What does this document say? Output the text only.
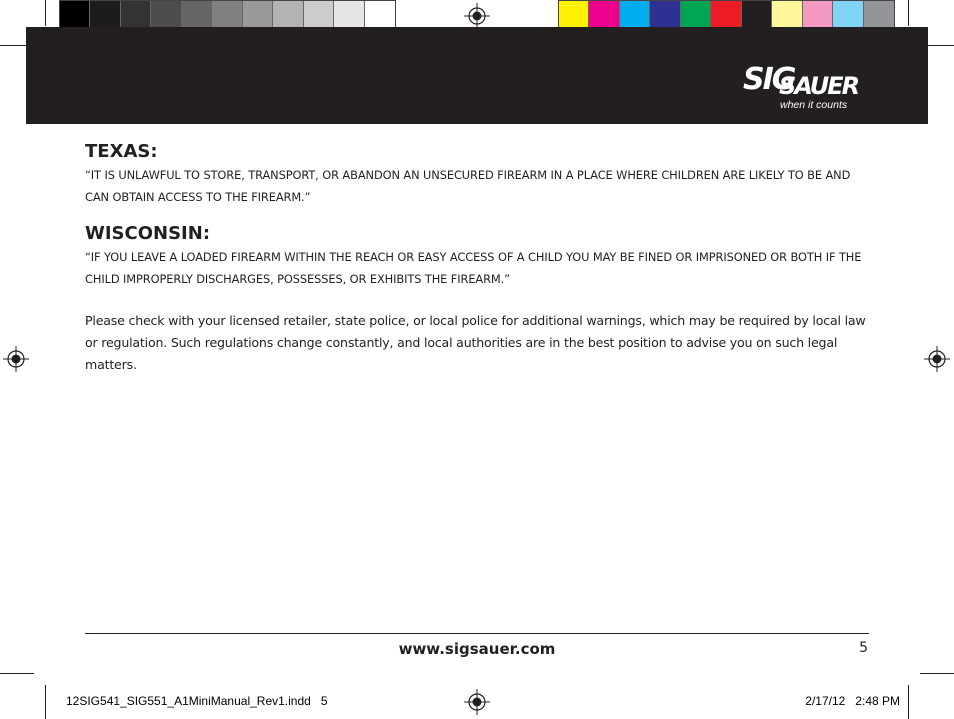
SIG
SAUER
when it counts
TEXAS:

“IT IS UNLAWFUL TO STORE, TRANSPORT, OR ABANDON AN UNSECURED FIREARM IN A PLACE WHERE CHILDREN ARE LIKELY TO BE AND CAN OBTAIN ACCESS TO THE FIREARM.”

WISCONSIN:

“IF YOU LEAVE A LOADED FIREARM WITHIN THE REACH OR EASY ACCESS OF A CHILD YOU MAY BE FINED OR IMPRISONED OR BOTH IF THE CHILD IMPROPERLY DISCHARGES, POSSESSES, OR EXHIBITS THE FIREARM.”

Please check with your licensed retailer, state police, or local police for additional warnings, which may be required by local law or regulation. Such regulations change constantly, and local authorities are in the best position to advise you on such legal matters.

www.sigsauer.com	5
12SIG541_SIG551_A1MiniManual_Rev1.indd   5	2/17/12   2:48 PM
